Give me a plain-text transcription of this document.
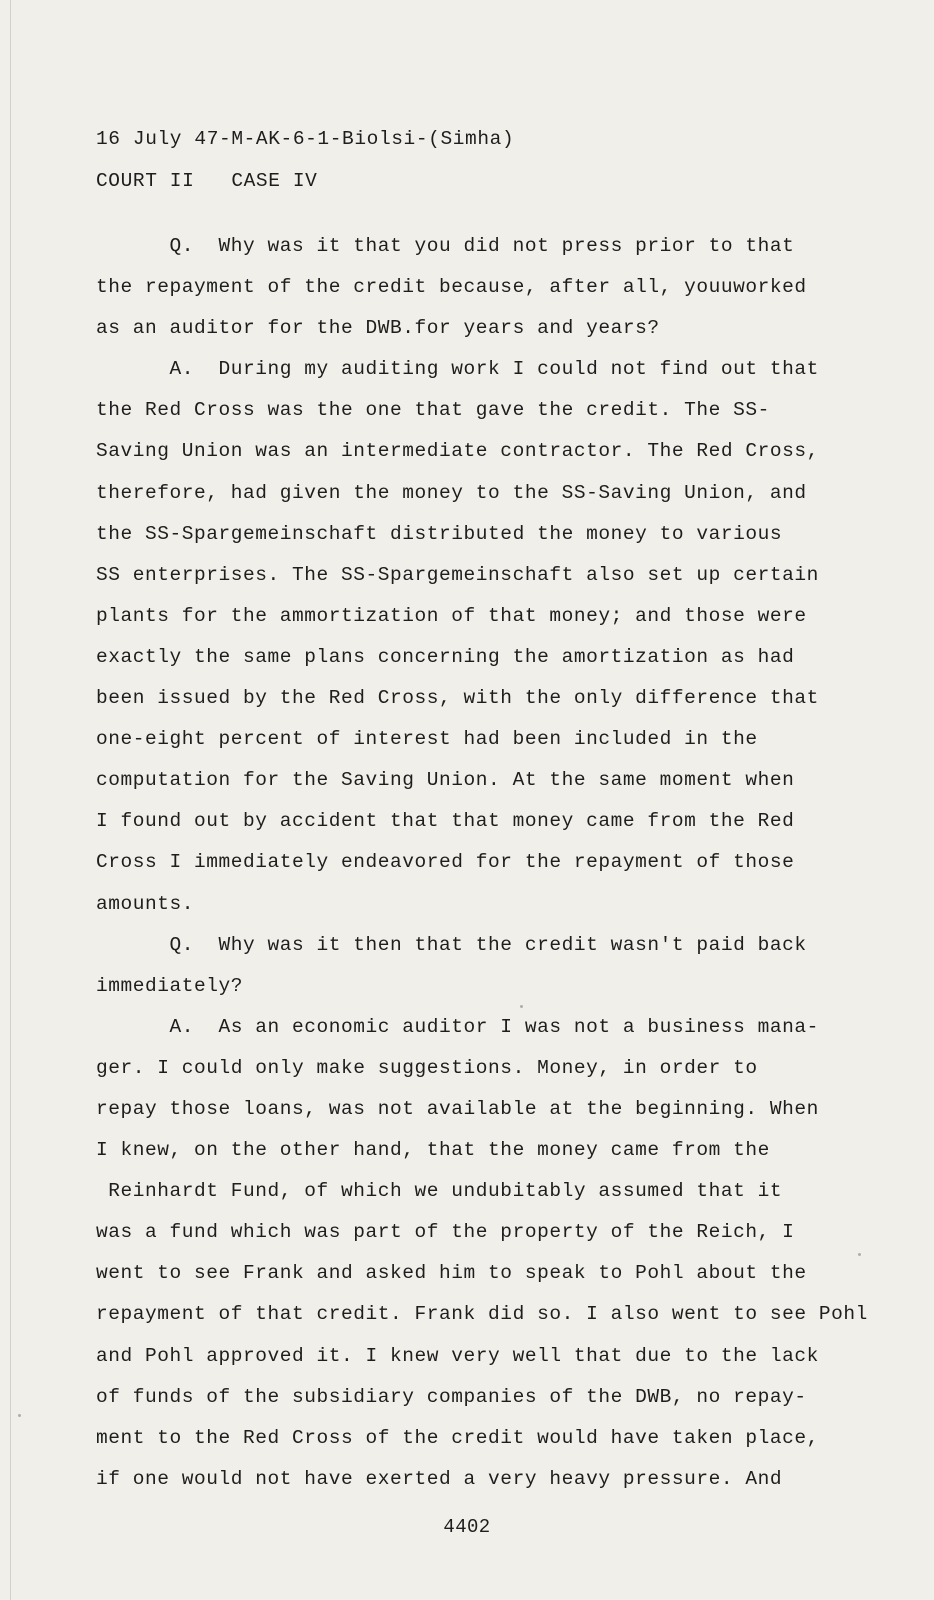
16 July 47-M-AK-6-1-Biolsi-(Simha)
COURT II   CASE IV
Q.  Why was it that you did not press prior to that
the repayment of the credit because, after all, youuworked
as an auditor for the DWB.for years and years?
A.  During my auditing work I could not find out that
the Red Cross was the one that gave the credit. The SS-
Saving Union was an intermediate contractor. The Red Cross,
therefore, had given the money to the SS-Saving Union, and
the SS-Spargemeinschaft distributed the money to various
SS enterprises. The SS-Spargemeinschaft also set up certain
plants for the ammortization of that money; and those were
exactly the same plans concerning the amortization as had
been issued by the Red Cross, with the only difference that
one-eight percent of interest had been included in the
computation for the Saving Union. At the same moment when
I found out by accident that that money came from the Red
Cross I immediately endeavored for the repayment of those
amounts.
Q.  Why was it then that the credit wasn't paid back
immediately?
A.  As an economic auditor I was not a business mana-
ger. I could only make suggestions. Money, in order to
repay those loans, was not available at the beginning. When
I knew, on the other hand, that the money came from the
Reinhardt Fund, of which we undubitably assumed that it
was a fund which was part of the property of the Reich, I
went to see Frank and asked him to speak to Pohl about the
repayment of that credit. Frank did so. I also went to see Pohl
and Pohl approved it. I knew very well that due to the lack
of funds of the subsidiary companies of the DWB, no repay-
ment to the Red Cross of the credit would have taken place,
if one would not have exerted a very heavy pressure. And
4402
